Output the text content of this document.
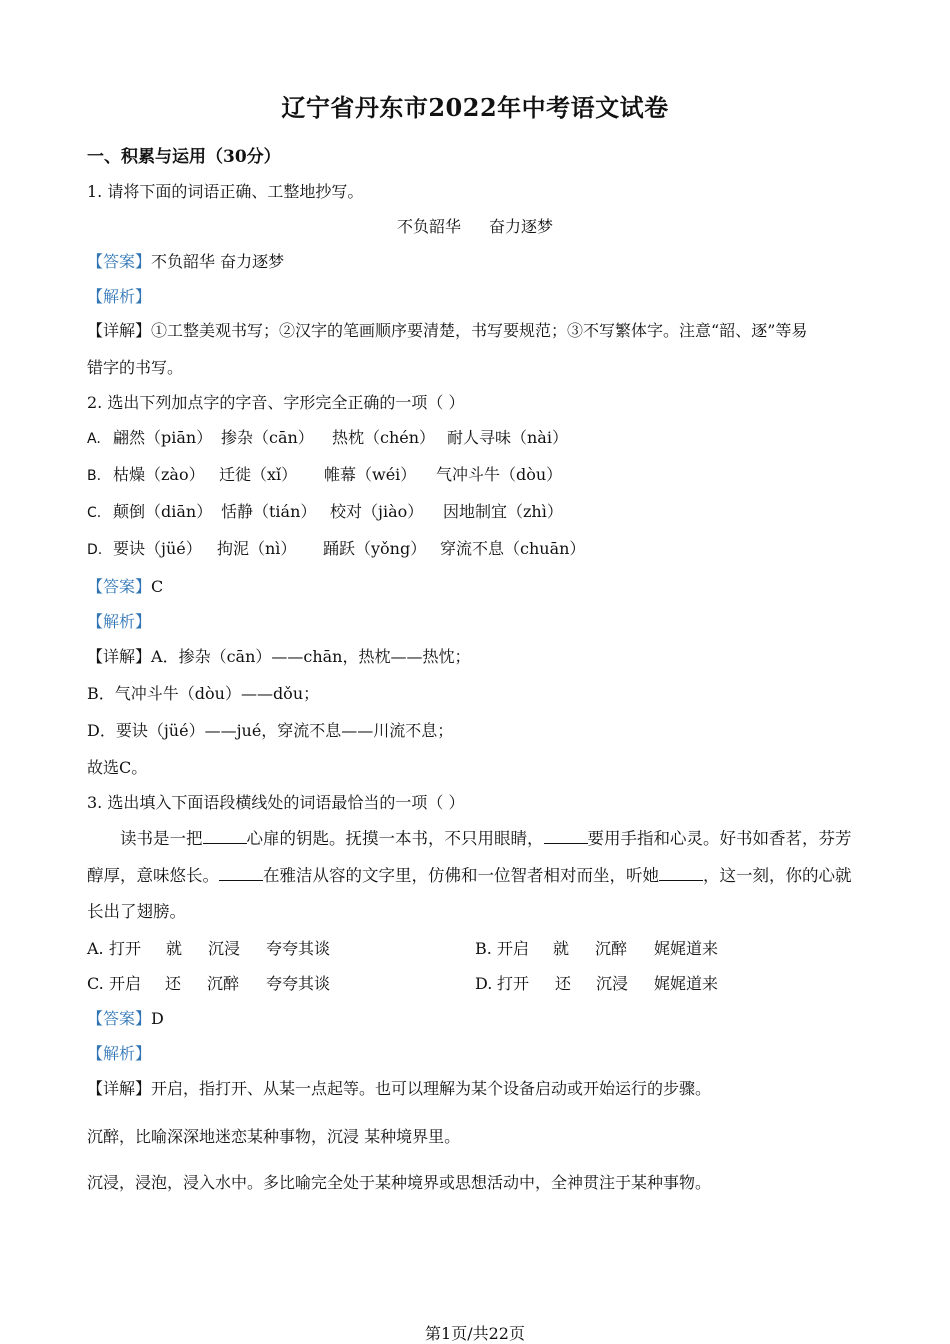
辽宁省丹东市2022年中考语文试卷
一、积累与运用（30分）
1. 请将下面的词语正确、工整地抄写。
不负韶华 奋力逐梦
【答案】不负韶华 奋力逐梦
【解析】
【详解】①工整美观书写；②汉字的笔画顺序要清楚，书写要规范；③不写繁体字。注意“韶、逐”等易
错字的书写。
2. 选出下列加点字的字音、字形完全正确的一项（ ）
A. 翩然（piān） 掺杂（cān） 热枕（chén） 耐人寻味（nài）
B. 枯燥（zào） 迁徙（xǐ） 帷幕（wéi） 气冲斗牛（dòu）
C. 颠倒（diān） 恬静（tián） 校对（jiào） 因地制宜（zhì）
D. 要诀（jüé） 拘泥（nì） 踊跃（yǒng） 穿流不息（chuān）
【答案】C
【解析】
【详解】A．掺杂（cān）——chān，热枕——热忱；
B．气冲斗牛（dòu）——dǒu；
D．要诀（jüé）——jué，穿流不息——川流不息；
故选C。
3. 选出填入下面语段横线处的词语最恰当的一项（ ）
读书是一把	心扉的钥匙。抚摸一本书，不只用眼睛，	要用手指和心灵。好书如香茗，芬芳
醇厚，意味悠长。	在雅洁从容的文字里，仿佛和一位智者相对而坐，听她	，这一刻，你的心就
长出了翅膀。
A. 打开 就 沉浸 夸夸其谈	B. 开启 就 沉醉 娓娓道来
C. 开启 还 沉醉 夸夸其谈	D. 打开 还 沉浸 娓娓道来
【答案】D
【解析】
【详解】开启，指打开、从某一点起等。也可以理解为某个设备启动或开始运行的步骤。
沉醉，比喻深深地迷恋某种事物，沉浸 某种境界里。
沉浸，浸泡，浸入水中。多比喻完全处于某种境界或思想活动中，全神贯注于某种事物。
第1页/共22页
